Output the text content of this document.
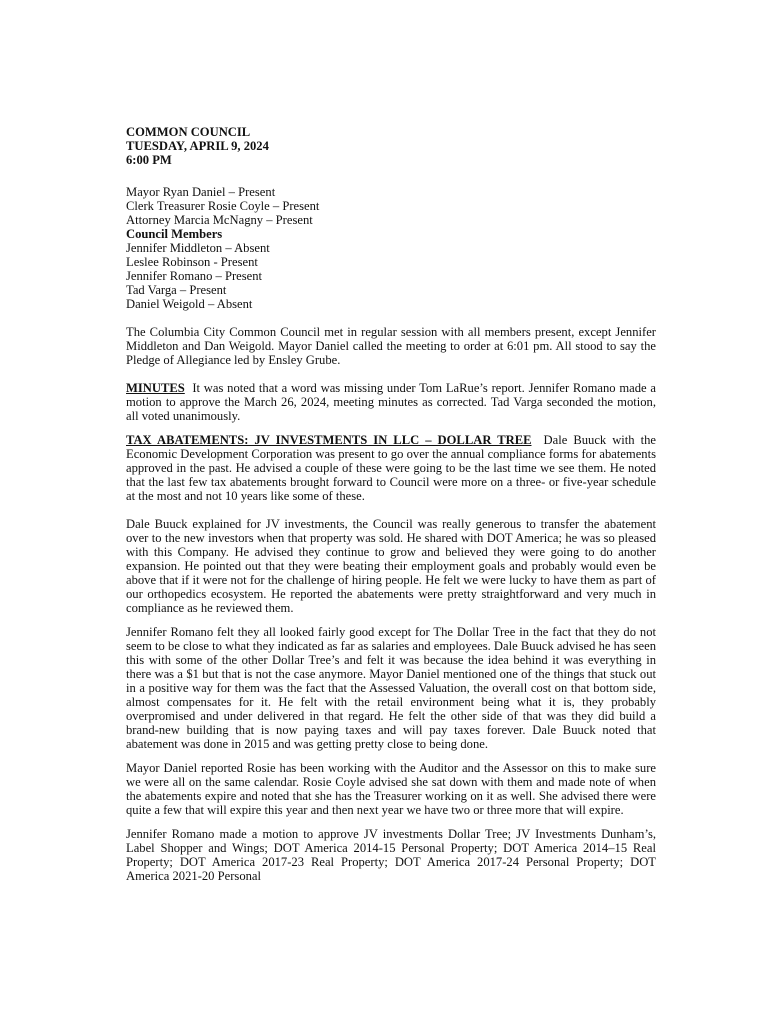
COMMON COUNCIL
TUESDAY, APRIL 9, 2024
6:00 PM
Mayor Ryan Daniel – Present
Clerk Treasurer Rosie Coyle – Present
Attorney Marcia McNagny – Present
Council Members
Jennifer Middleton – Absent
Leslee Robinson - Present
Jennifer Romano – Present
Tad Varga – Present
Daniel Weigold – Absent

The Columbia City Common Council met in regular session with all members present, except Jennifer Middleton and Dan Weigold. Mayor Daniel called the meeting to order at 6:01 pm. All stood to say the Pledge of Allegiance led by Ensley Grube.

MINUTES It was noted that a word was missing under Tom LaRue’s report. Jennifer Romano made a motion to approve the March 26, 2024, meeting minutes as corrected. Tad Varga seconded the motion, all voted unanimously.

TAX ABATEMENTS: JV INVESTMENTS IN LLC – DOLLAR TREE Dale Buuck with the Economic Development Corporation was present to go over the annual compliance forms for abatements approved in the past. He advised a couple of these were going to be the last time we see them. He noted that the last few tax abatements brought forward to Council were more on a three- or five-year schedule at the most and not 10 years like some of these.

Dale Buuck explained for JV investments, the Council was really generous to transfer the abatement over to the new investors when that property was sold. He shared with DOT America; he was so pleased with this Company. He advised they continue to grow and believed they were going to do another expansion. He pointed out that they were beating their employment goals and probably would even be above that if it were not for the challenge of hiring people. He felt we were lucky to have them as part of our orthopedics ecosystem. He reported the abatements were pretty straightforward and very much in compliance as he reviewed them.

Jennifer Romano felt they all looked fairly good except for The Dollar Tree in the fact that they do not seem to be close to what they indicated as far as salaries and employees. Dale Buuck advised he has seen this with some of the other Dollar Tree’s and felt it was because the idea behind it was everything in there was a $1 but that is not the case anymore. Mayor Daniel mentioned one of the things that stuck out in a positive way for them was the fact that the Assessed Valuation, the overall cost on that bottom side, almost compensates for it. He felt with the retail environment being what it is, they probably overpromised and under delivered in that regard. He felt the other side of that was they did build a brand-new building that is now paying taxes and will pay taxes forever. Dale Buuck noted that abatement was done in 2015 and was getting pretty close to being done.

Mayor Daniel reported Rosie has been working with the Auditor and the Assessor on this to make sure we were all on the same calendar. Rosie Coyle advised she sat down with them and made note of when the abatements expire and noted that she has the Treasurer working on it as well. She advised there were quite a few that will expire this year and then next year we have two or three more that will expire.

Jennifer Romano made a motion to approve JV investments Dollar Tree; JV Investments Dunham’s, Label Shopper and Wings; DOT America 2014-15 Personal Property; DOT America 2014–15 Real Property; DOT America 2017-23 Real Property; DOT America 2017-24 Personal Property; DOT America 2021-20 Personal
